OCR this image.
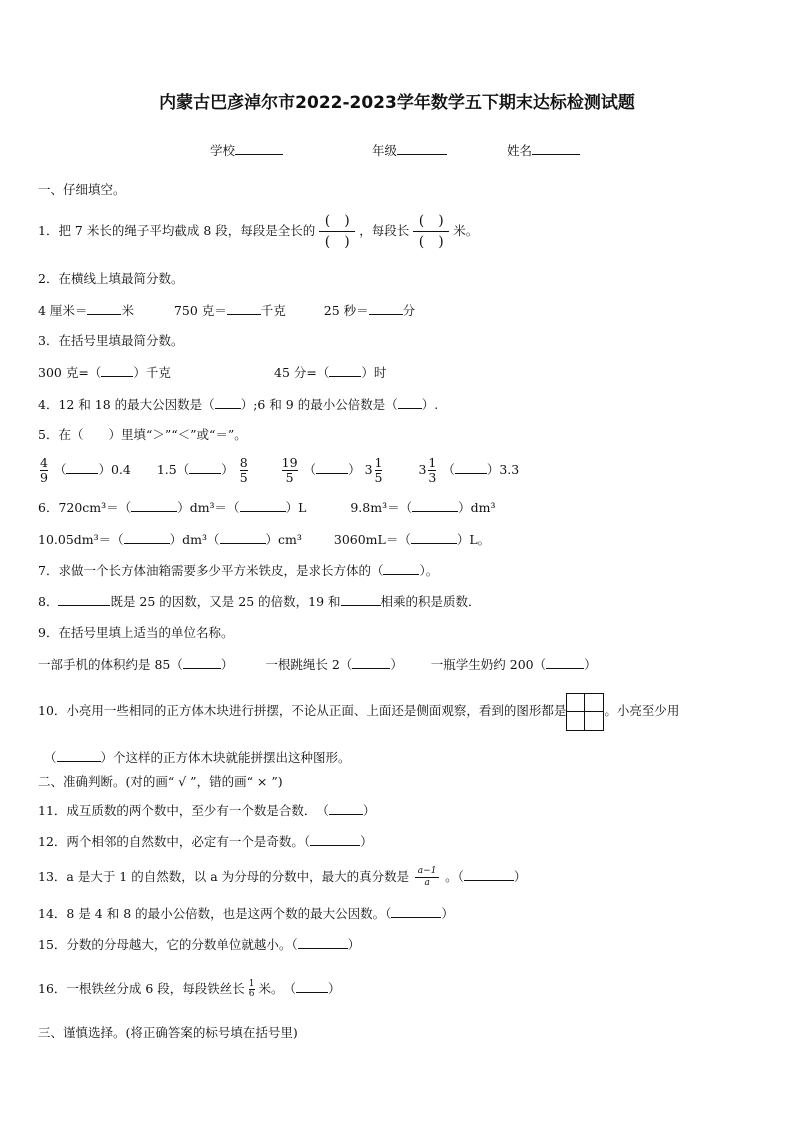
内蒙古巴彦淖尔市2022-2023学年数学五下期末达标检测试题
学校	年级	姓名
一、仔细填空。
1．把 7 米长的绳子平均截成 8 段，每段是全长的
(　)
(　)
，每段长
(　)
(　)
米。
2．在横线上填最简分数。
4 厘米＝	米	750 克＝	千克	25 秒＝	分
3．在括号里填最简分数。
300 克=（	）千克	45 分=（	）时
4．12 和 18 的最大公因数是（ ）;6 和 9 的最小公倍数是（ ）.
5．在（　　）里填“＞”“＜”或“＝”。
$\frac{4}{9}$ （	）0.4 1.5（	） $\frac{8}{5}$
	$\frac{19}{5}$ （	） $3 \frac{1}{5}$	$3 \frac{1}{3}$ （	）3.3
6．720cm³＝（	）dm³＝（	）L	9.8m³＝（	）dm³
10.05dm³＝（	）dm³（	）cm³	3060mL＝（	）L。
7．求做一个长方体油箱需要多少平方米铁皮，是求长方体的（	）。
8．	既是 25 的因数，又是 25 的倍数，19 和	相乘的积是质数．
9．在括号里填上适当的单位名称。
一部手机的体积约是 85（	）	一根跳绳长 2（	） 一瓶学生奶约 200（	）
10．小亮用一些相同的正方体木块进行拼摆，不论从正面、上面还是侧面观察，看到的图形都是	。小亮至少用
（	）个这样的正方体木块就能拼摆出这种图形。
二、准确判断。(对的画“ √ ”，错的画“ × ”)
11．成互质数的两个数中，至少有一个数是合数．　（	）
12．两个相邻的自然数中，必定有一个是奇数。（	）
13．a 是大于 1 的自然数，以 a 为分母的分数中，最大的真分数是 $\frac{a-1}{a}$ 。（	）
14．8 是 4 和 8 的最小公倍数，也是这两个数的最大公因数。（	）
15．分数的分母越大，它的分数单位就越小。（	）
16．一根铁丝分成 6 段，每段铁丝长 $\frac{1}{6}$ 米。　（	）
三、谨慎选择。(将正确答案的标号填在括号里)
